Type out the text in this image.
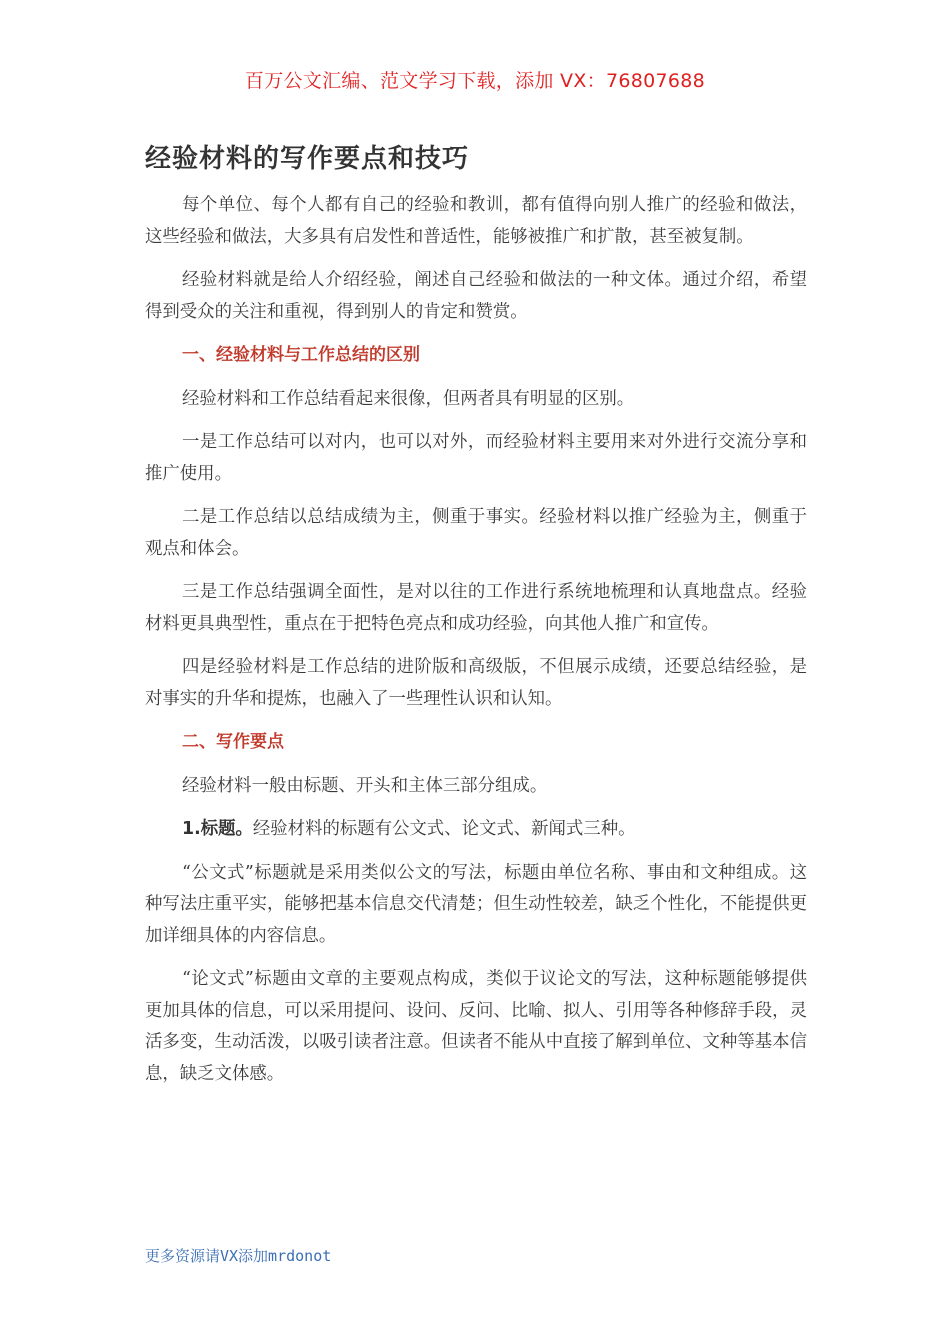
百万公文汇编、范文学习下载，添加 VX：76807688
经验材料的写作要点和技巧

每个单位、每个人都有自己的经验和教训，都有值得向别人推广的经验和做法，这些经验和做法，大多具有启发性和普适性，能够被推广和扩散，甚至被复制。

经验材料就是给人介绍经验，阐述自己经验和做法的一种文体。通过介绍，希望得到受众的关注和重视，得到别人的肯定和赞赏。

一、经验材料与工作总结的区别

经验材料和工作总结看起来很像，但两者具有明显的区别。

一是工作总结可以对内，也可以对外，而经验材料主要用来对外进行交流分享和推广使用。

二是工作总结以总结成绩为主，侧重于事实。经验材料以推广经验为主，侧重于观点和体会。

三是工作总结强调全面性，是对以往的工作进行系统地梳理和认真地盘点。经验材料更具典型性，重点在于把特色亮点和成功经验，向其他人推广和宣传。

四是经验材料是工作总结的进阶版和高级版，不但展示成绩，还要总结经验，是对事实的升华和提炼，也融入了一些理性认识和认知。

二、写作要点

经验材料一般由标题、开头和主体三部分组成。

1.标题。经验材料的标题有公文式、论文式、新闻式三种。

“公文式”标题就是采用类似公文的写法，标题由单位名称、事由和文种组成。这种写法庄重平实，能够把基本信息交代清楚；但生动性较差，缺乏个性化，不能提供更加详细具体的内容信息。

“论文式”标题由文章的主要观点构成，类似于议论文的写法，这种标题能够提供更加具体的信息，可以采用提问、设问、反问、比喻、拟人、引用等各种修辞手段，灵活多变，生动活泼，以吸引读者注意。但读者不能从中直接了解到单位、文种等基本信息，缺乏文体感。

更多资源请VX添加mrdonot
